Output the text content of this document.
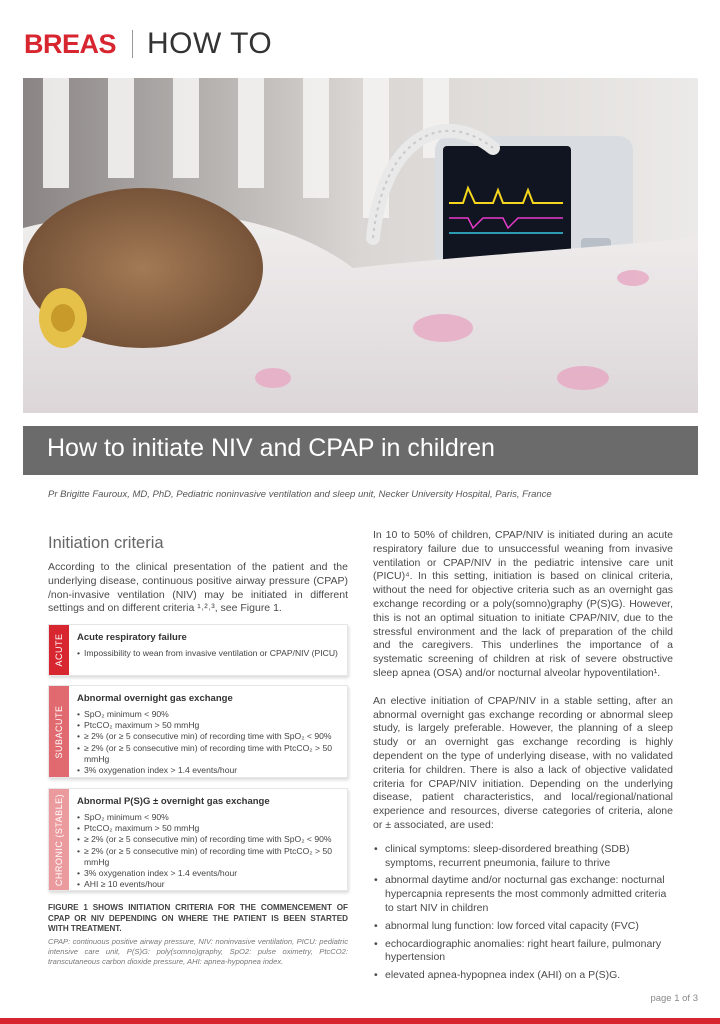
BREAS HOW TO
How to initiate NIV and CPAP in children
Pr Brigitte Fauroux, MD, PhD, Pediatric noninvasive ventilation and sleep unit, Necker University Hospital, Paris, France
Initiation criteria

According to the clinical presentation of the patient and the underlying disease, continuous positive airway pressure (CPAP) /non-invasive ventilation (NIV) may be initiated in different settings and on different criteria ¹˒²˒³, see Figure 1.

ACUTE Acute respiratory failure
• Impossibility to wean from invasive ventilation or CPAP/NIV (PICU)
SUBACUTE
Abnormal overnight gas exchange
• SpO₂ minimum < 90%
• PtcCO₂ maximum > 50 mmHg
• ≥ 2% (or ≥ 5 consecutive min) of recording time with SpO₂ < 90%
• ≥ 2% (or ≥ 5 consecutive min) of recording time with PtcCO₂ > 50 mmHg
• 3% oxygenation index > 1.4 events/hour
CHRONIC (STABLE) Abnormal P(S)G ± overnight gas exchange
• SpO₂ minimum < 90%
• PtcCO₂ maximum > 50 mmHg
• ≥ 2% (or ≥ 5 consecutive min) of recording time with SpO₂ < 90%
• ≥ 2% (or ≥ 5 consecutive min) of recording time with PtcCO₂ > 50 mmHg
• 3% oxygenation index > 1.4 events/hour
• AHI ≥ 10 events/hour
FIGURE 1 SHOWS INITIATION CRITERIA FOR THE COMMENCEMENT OF CPAP OR NIV DEPENDING ON WHERE THE PATIENT IS BEEN STARTED WITH TREATMENT.
CPAP: continuous positive airway pressure, NIV: noninvasive ventilation, PICU: pediatric intensive care unit, P(S)G: poly(somno)graphy, SpO2: pulse oximetry, PtcCO2: transcutaneous carbon dioxide pressure, AHI: apnea-hypopnea index.

In 10 to 50% of children, CPAP/NIV is initiated during an acute respiratory failure due to unsuccessful weaning from invasive ventilation or CPAP/NIV in the pediatric intensive care unit (PICU)⁴. In this setting, initiation is based on clinical criteria, without the need for objective criteria such as an overnight gas exchange recording or a poly(somno)graphy (P(S)G). However, this is not an optimal situation to initiate CPAP/NIV, due to the stressful environment and the lack of preparation of the child and the caregivers. This underlines the importance of a systematic screening of children at risk of severe obstructive sleep apnea (OSA) and/or nocturnal alveolar hypoventilation¹.

An elective initiation of CPAP/NIV in a stable setting, after an abnormal overnight gas exchange recording or abnormal sleep study, is largely preferable. However, the planning of a sleep study or an overnight gas exchange recording is highly dependent on the type of underlying disease, with no validated criteria for children. There is also a lack of objective validated criteria for CPAP/NIV initiation. Depending on the underlying disease, patient characteristics, and local/regional/national experience and resources, diverse categories of criteria, alone or ± associated, are used:

• clinical symptoms: sleep-disordered breathing (SDB) symptoms, recurrent pneumonia, failure to thrive
• abnormal daytime and/or nocturnal gas exchange: nocturnal hypercapnia represents the most commonly admitted criteria to start NIV in children
• abnormal lung function: low forced vital capacity (FVC)
• echocardiographic anomalies: right heart failure, pulmonary hypertension
• elevated apnea-hypopnea index (AHI) on a P(S)G.
page 1 of 3
